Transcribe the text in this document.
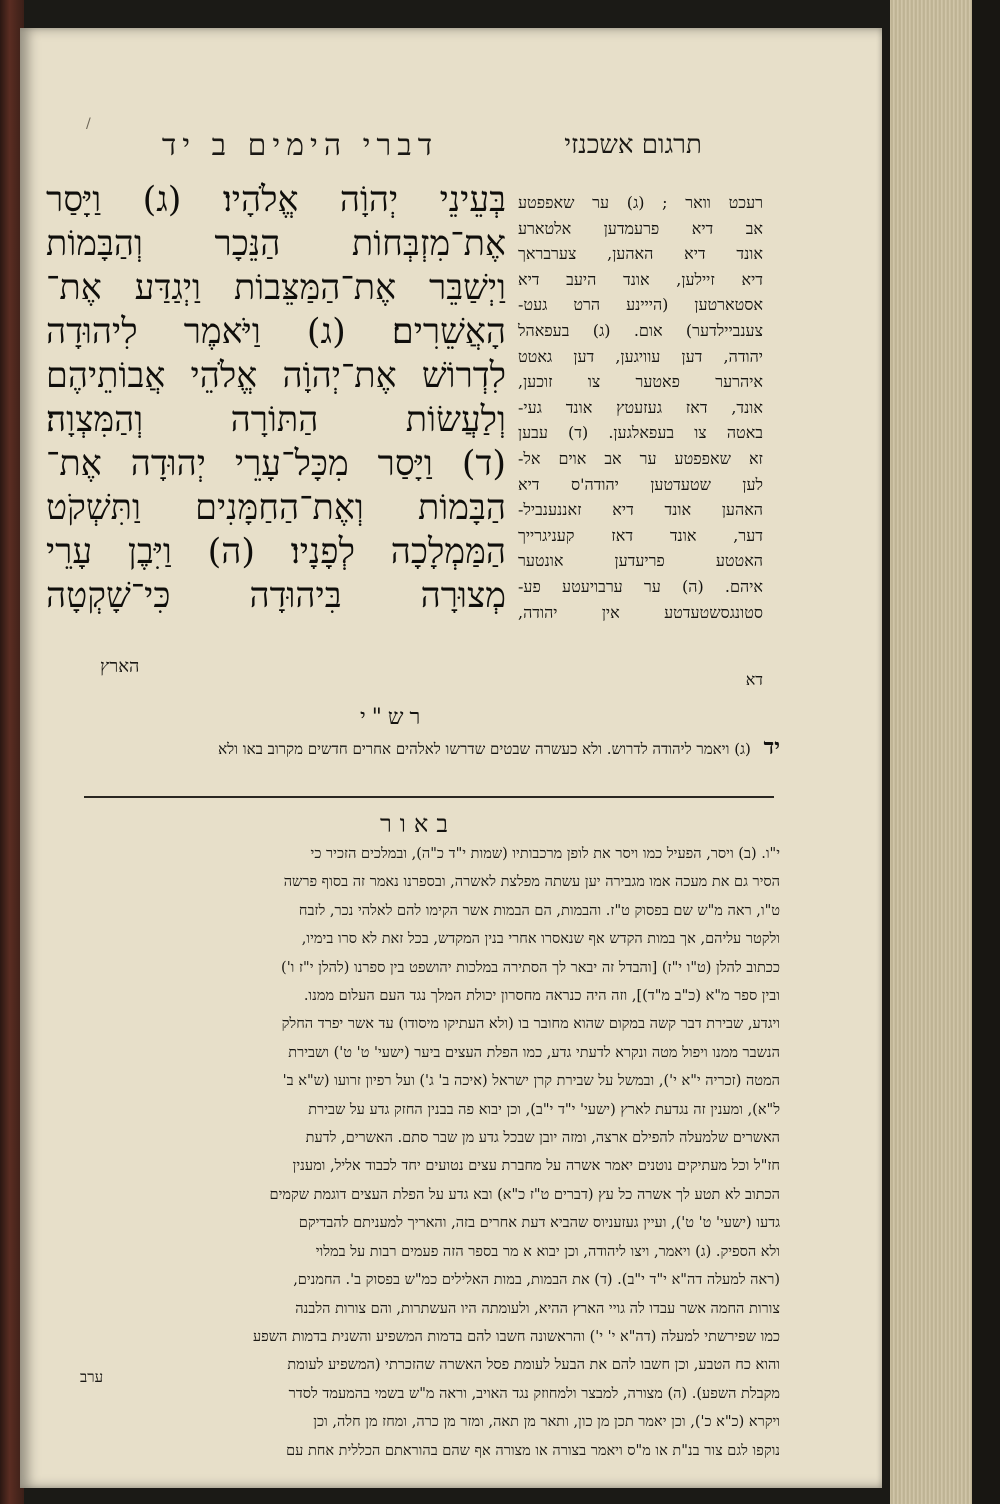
/
דברי הימים ב יד	תרגום אשכנזי

בְּעֵינֵי יְהוָֹה אֱלֹהָיו׃ (ג) וַיָּסַר

אֶת־מִזְבְּחוֹת הַנֵּכָר וְהַבָּמוֹת

וַיְשַׁבֵּר אֶת־הַמַּצֵּבוֹת וַיְגַדַּע אֶת־

הָאֲשֵׁרִים׃ (ג) וַיֹּאמֶר לִיהוּדָה

לִדְרוֹשׁ אֶת־יְהוָֹה אֱלֹהֵי אֲבוֹתֵיהֶם

וְלַעֲשׂוֹת הַתּוֹרָה וְהַמִּצְוָה׃

(ד) וַיָּסַר מִכָּל־עָרֵי יְהוּדָה אֶת־

הַבָּמוֹת וְאֶת־הַחַמָּנִים וַתִּשְׁקֹט

הַמַּמְלָכָה לְפָנָיו׃ (ה) וַיִּבֶן עָרֵי

מְצוּרָה בִּיהוּדָה כִּי־שָׁקְטָה

הארץ
רעכט וואר ; (ג) ער שאפפטע
אב דיא פרעמדען אלטארע
אונד דיא האהען, צערבראך
דיא זיילען, אונד היעב דיא
אסטארטען (הייינע הרט געט-
צענביילדער) אום. (ג) בעפאהל
יהודה, דען עוויגען, דען גאטט
איהרער פאטער צו זוכען,
אונד, דאז געזעטץ אונד געי-
באטה צו בעפאלגען. (ד) עבען
זא שאפפטע ער אב אוים אל-
לען שטעדטען יהודה'ס דיא
האהען אונד דיא זאננענביל-
דער, אונד דאז קעניגרייך
האטטע פריעדען אונטער
איהם. (ה) ער ערבויעטע פע-
סטונגסשטעדטע אין יהודה,
דא
רש"י
יד (ג) ויאמר ליהודה לדרוש. ולא כעשרה שבטים שדרשו לאלהים אחרים חדשים מקרוב באו ולא
באור
י"ו. (ב) ויסר, הפעיל כמו ויסר את לופן מרכבותיו (שמות י"ד כ"ה), ובמלכים הזכיר כי
הסיר גם את מעכה אמו מגבירה יען עשתה מפלצת לאשרה, ובספרנו נאמר זה בסוף פרשה
ט"ו, ראה מ"ש שם בפסוק ט"ז. והבמות, הם הבמות אשר הקימו להם לאלהי נכר, לזבח
ולקטר עליהם, אך במות הקדש אף שנאסרו אחרי בנין המקדש, בכל זאת לא סרו בימיו,
ככתוב להלן (ט"ו י"ז) [והבדל זה יבאר לך הסתירה במלכות יהושפט בין ספרנו (להלן י"ז ו')
ובין ספר מ"א (כ"ב מ"ד)], וזה היה כנראה מחסרון יכולת המלך נגד העם העלום ממנו.
ויגדע, שבירת דבר קשה במקום שהוא מחובר בו (ולא העתיקו מיסודו) עד אשר יפרד החלק
הנשבר ממנו ויפול מטה ונקרא לדעתי גדע, כמו הפלת העצים ביער (ישעי' ט' ט') ושבירת
המטה (זכריה י"א י'), ובמשל על שבירת קרן ישראל (איכה ב' ג') ועל רפיון זרועו (ש"א ב'
ל"א), ומענין זה נגדעת לארץ (ישעי' י"ד י"ב), וכן יבוא פה בבנין החזק גדע על שבירת
האשרים שלמעלה להפילם ארצה, ומזה יובן שבכל גדע מן שבר סתם. האשרים, לדעת
חז"ל וכל מעתיקים נוטנים יאמר אשרה על מחברת עצים נטועים יחד לכבוד אליל, ומענין
הכתוב לא תטע לך אשרה כל עץ (דברים ט"ז כ"א) ובא גדע על הפלת העצים דוגמת שקמים
גדעו (ישעי' ט' ט'), ועיין געזעניוס שהביא דעת אחרים בזה, והאריך למעניתם להבדיקם
ולא הספיק. (ג) ויאמר, ויצו ליהודה, וכן יבוא א מר בספר הזה פעמים רבות על במלוי
(ראה למעלה דה"א י"ד י"ב). (ד) את הבמות, במות האלילים כמ"ש בפסוק ב'. החמנים,
צורות החמה אשר עבדו לה גויי הארץ ההיא, ולעומתה היו העשתרות, והם צורות הלבנה
כמו שפירשתי למעלה (דה"א י' י') והראשונה חשבו להם בדמות המשפיע והשנית בדמות השפע
והוא כח הטבע, וכן חשבו להם את הבעל לעומת פסל האשרה שהזכרתי (המשפיע לעומת
מקבלת השפע). (ה) מצורה, למבצר ולמחוזק נגד האויב, וראה מ"ש בשמי בהמעמד לסדר
ויקרא (כ"א כ'), וכן יאמר תכן מן כון, ותאר מן תאה, ומזר מן כרה, ומחז מן חלה, וכן
נוקפו לגם צור בנ"ת או מ"ס ויאמר בצורה או מצורה אף שהם בהוראתם הכללית אחת עם
ערב
